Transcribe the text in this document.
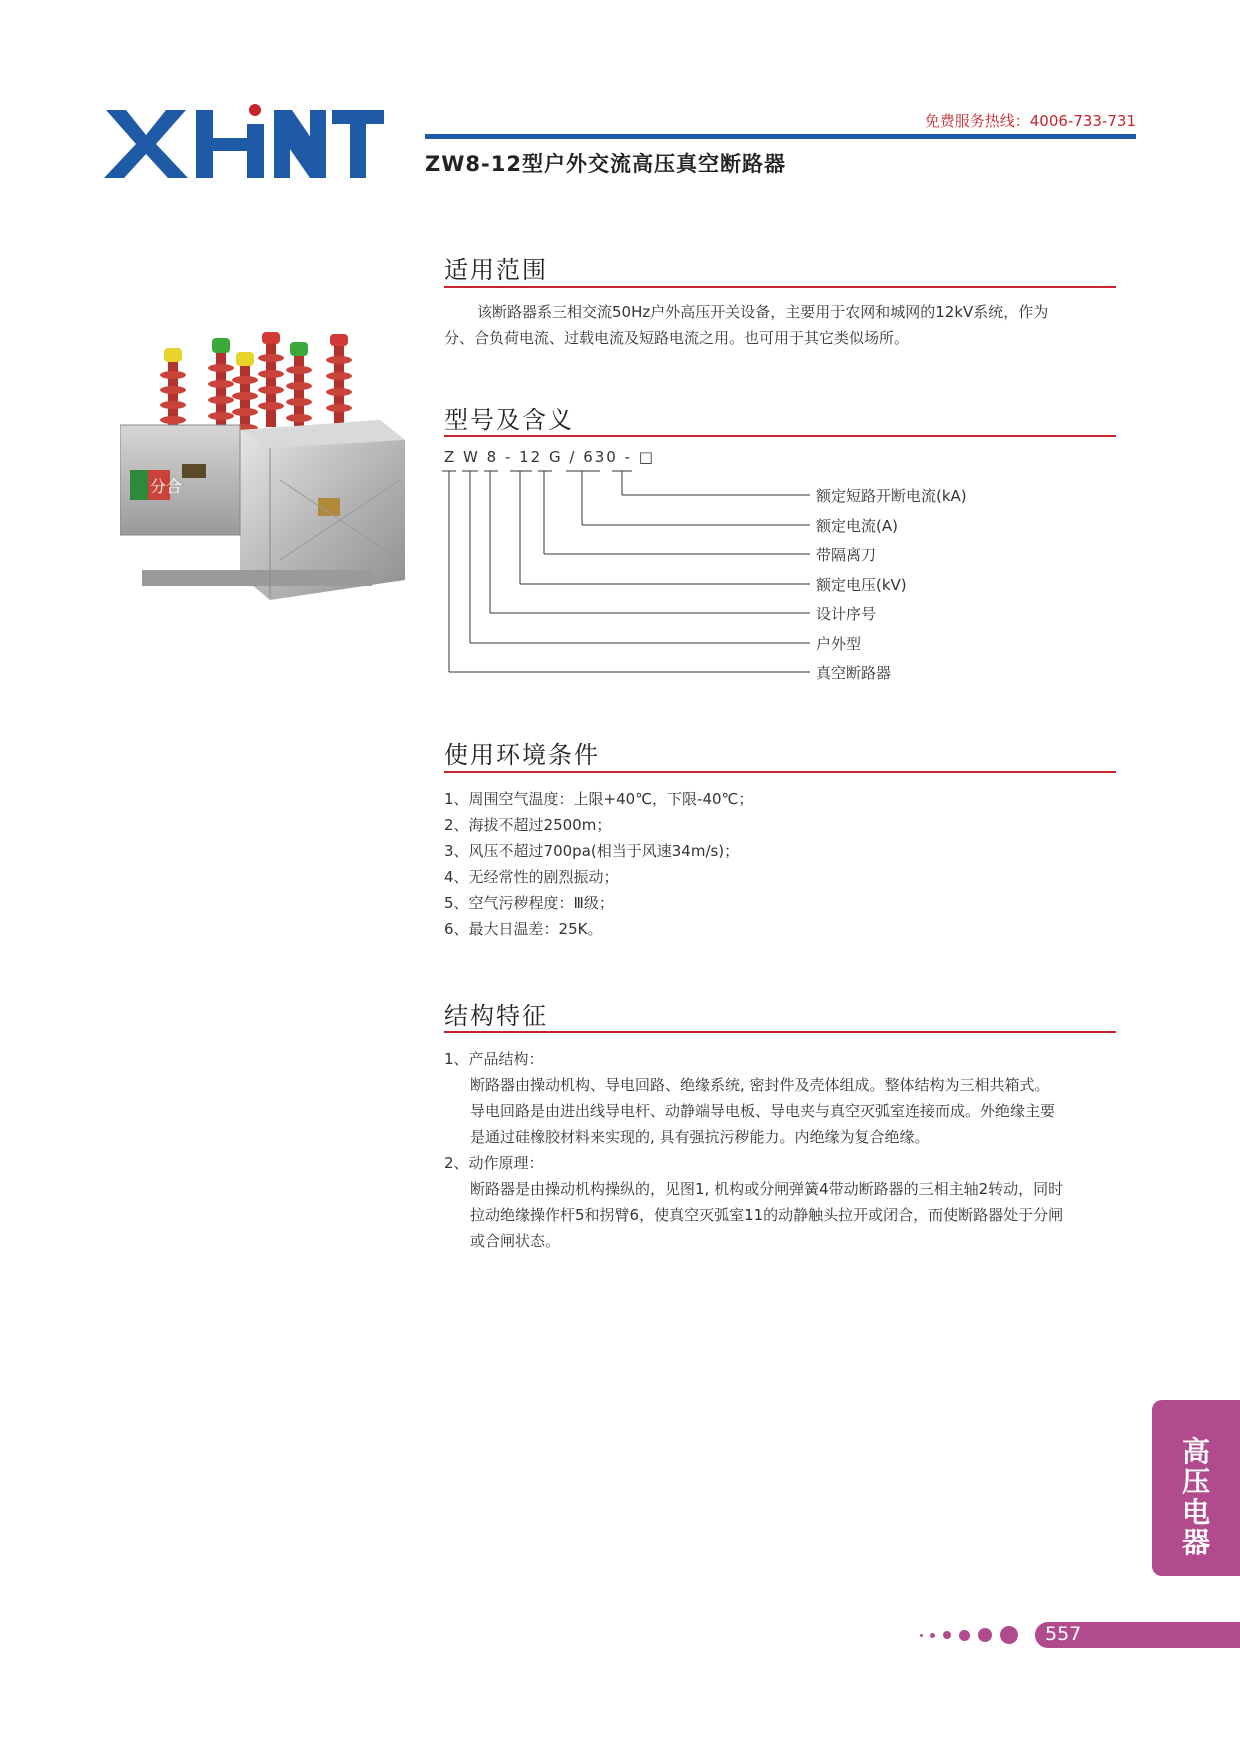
免费服务热线：4006-733-731
ZW8-12型户外交流高压真空断路器
分合
适用范围
该断路器系三相交流50Hz户外高压开关设备，主要用于农网和城网的12kV系统，作为
分、合负荷电流、过载电流及短路电流之用。也可用于其它类似场所。
型号及含义
Z W 8 - 12 G / 630 - □
额定短路开断电流(kA)
额定电流(A)
带隔离刀
额定电压(kV)
设计序号
户外型
真空断路器
使用环境条件
1、周围空气温度：上限+40℃，下限-40℃；
2、海拔不超过2500m；
3、风压不超过700pa(相当于风速34m/s)；
4、无经常性的剧烈振动；
5、空气污秽程度：Ⅲ级；
6、最大日温差：25K。
结构特征
1、产品结构：
断路器由操动机构、导电回路、绝缘系统, 密封件及壳体组成。整体结构为三相共箱式。
导电回路是由进出线导电杆、动静端导电板、导电夹与真空灭弧室连接而成。外绝缘主要
是通过硅橡胶材料来实现的, 具有强抗污秽能力。内绝缘为复合绝缘。
2、动作原理：
断路器是由操动机构操纵的，见图1, 机构或分闸弹簧4带动断路器的三相主轴2转动，同时
拉动绝缘操作杆5和拐臂6，使真空灭弧室11的动静触头拉开或闭合，而使断路器处于分闸
或合闸状态。
高
压
电
器
557
